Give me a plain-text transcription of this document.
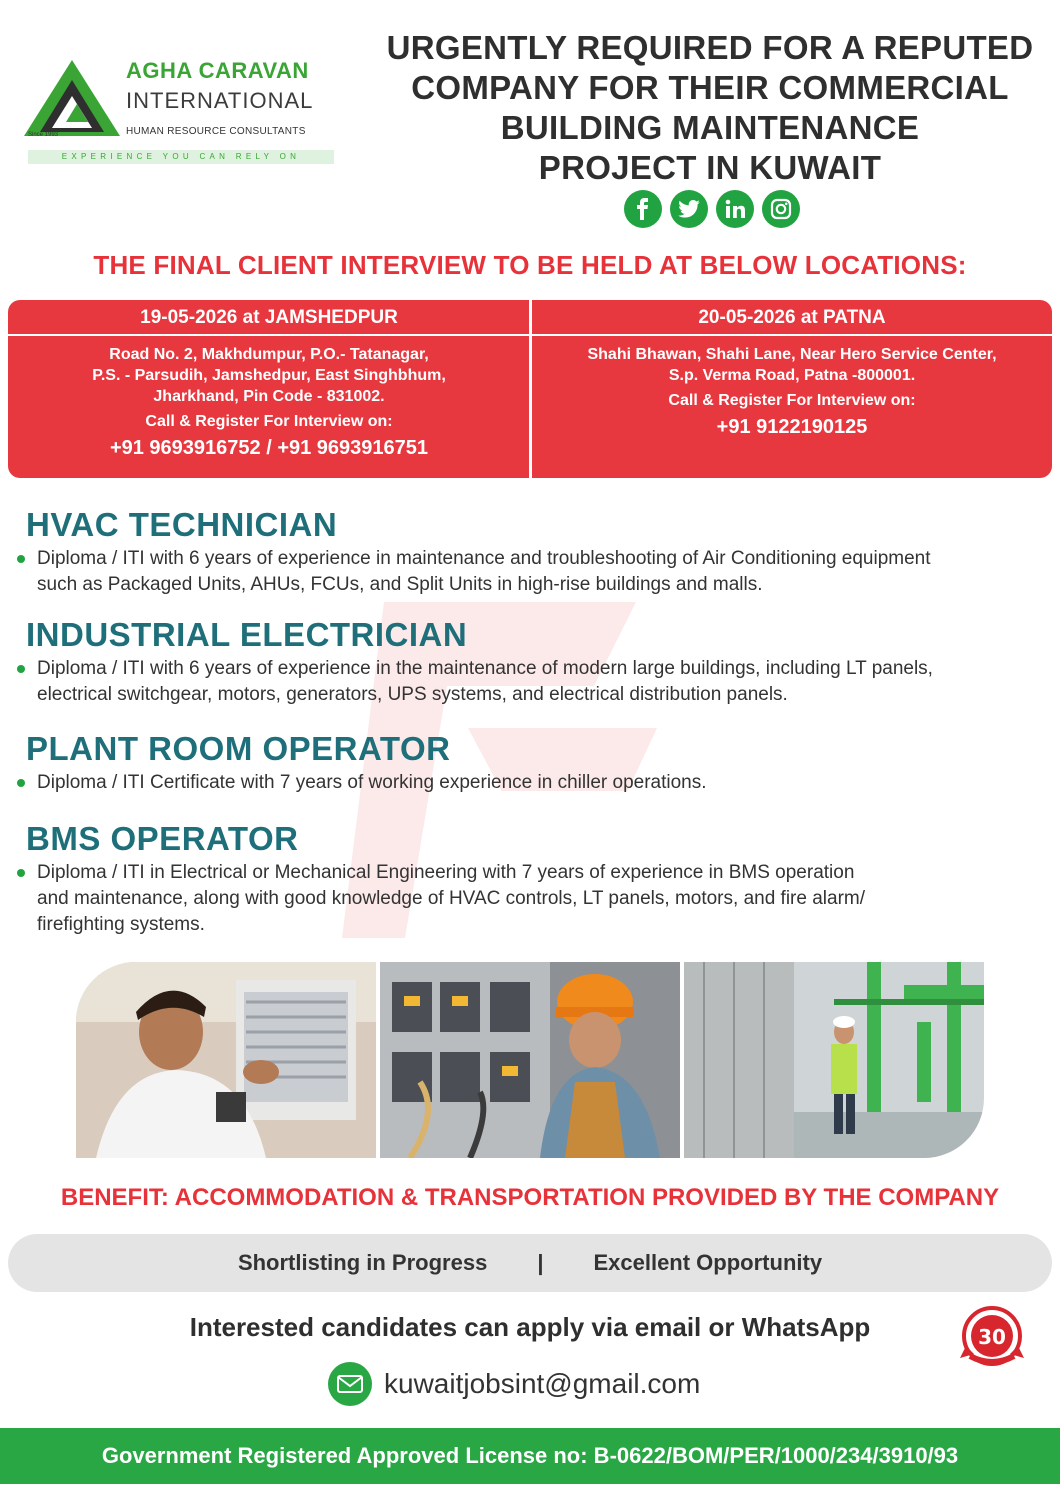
AGHA CARAVAN
INTERNATIONAL
HUMAN RESOURCE CONSULTANTS
Since 1993
EXPERIENCE YOU CAN RELY ON
URGENTLY REQUIRED FOR A REPUTED
COMPANY FOR THEIR COMMERCIAL
BUILDING MAINTENANCE
PROJECT IN KUWAIT
THE FINAL CLIENT INTERVIEW TO BE HELD AT BELOW LOCATIONS:
19-05-2026 at JAMSHEDPUR
Road No. 2, Makhdumpur, P.O.- Tatanagar,
P.S. - Parsudih, Jamshedpur, East Singhbhum,
Jharkhand, Pin Code - 831002.
Call & Register For Interview on:
+91 9693916752 / +91 9693916751
20-05-2026 at PATNA
Shahi Bhawan, Shahi Lane, Near Hero Service Center,
S.p. Verma Road, Patna -800001.
Call & Register For Interview on:
+91 9122190125
HVAC TECHNICIAN
Diploma / ITI with 6 years of experience in maintenance and troubleshooting of Air Conditioning equipment
such as Packaged Units, AHUs, FCUs, and Split Units in high-rise buildings and malls.
INDUSTRIAL ELECTRICIAN
Diploma / ITI with 6 years of experience in the maintenance of modern large buildings, including LT panels,
electrical switchgear, motors, generators, UPS systems, and electrical distribution panels.
PLANT ROOM OPERATOR
Diploma / ITI Certificate with 7 years of working experience in chiller operations.
BMS OPERATOR
Diploma / ITI in Electrical or Mechanical Engineering with 7 years of experience in BMS operation
and maintenance, along with good knowledge of HVAC controls, LT panels, motors, and fire alarm/
firefighting systems.
BENEFIT: ACCOMMODATION & TRANSPORTATION PROVIDED BY THE COMPANY
Shortlisting in Progress | Excellent Opportunity
Interested candidates can apply via email or WhatsApp	30
kuwaitjobsint@gmail.com
Government Registered Approved License no: B-0622/BOM/PER/1000/234/3910/93
